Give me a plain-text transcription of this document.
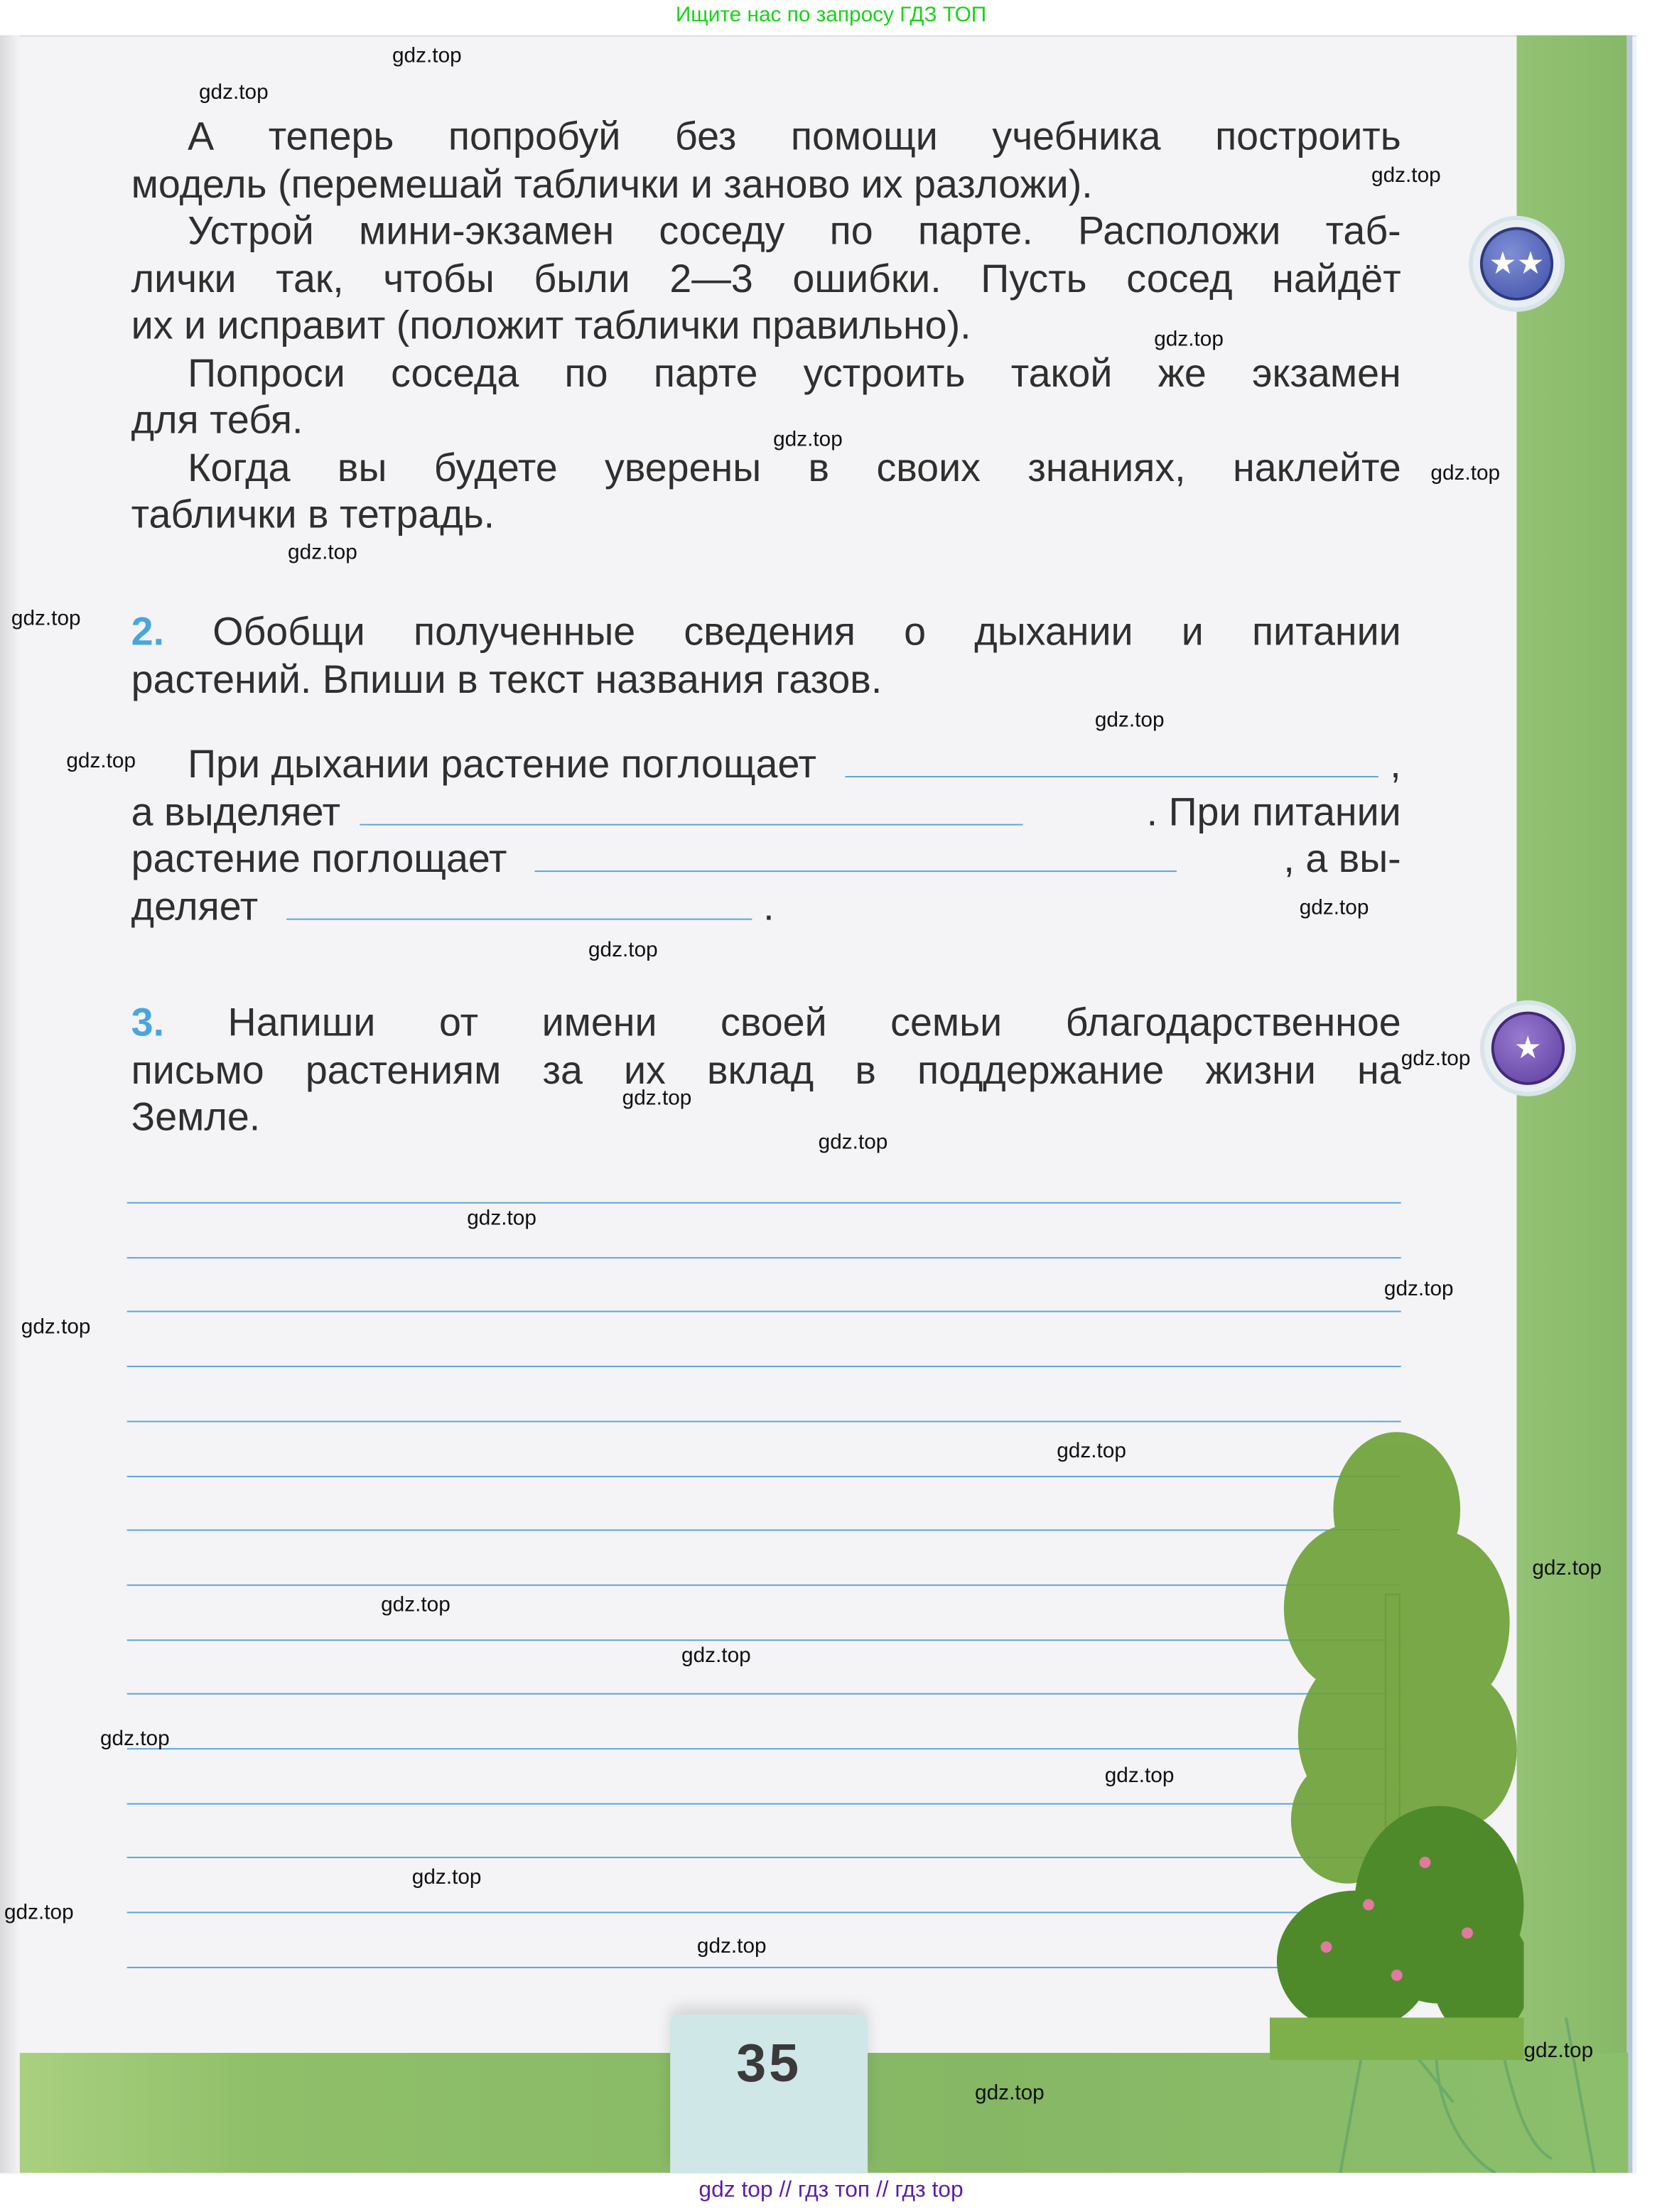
Ищите нас по запросу ГДЗ ТОП
35
★★
★
А теперь попробуй без помощи учебника построить
модель (перемешай таблички и заново их разложи).
Устрой мини-экзамен соседу по парте. Расположи таб-
лички так, чтобы были 2—3 ошибки. Пусть сосед найдёт
их и исправит (положит таблички правильно).
Попроси соседа по парте устроить такой же экзамен
для тебя.
Когда вы будете уверены в своих знаниях, наклейте
таблички в тетрадь.
2. Обобщи полученные сведения о дыхании и питании
растений. Впиши в текст названия газов.
При дыхании растение поглощает	,
а выделяет	. При питании
растение поглощает	, а вы-
деляет	.
3.	Напиши от имени своей семьи благодарственное
письмо растениям за их вклад в поддержание жизни на
Земле.
gdz.top
gdz.top
gdz.top
gdz.top
gdz.top
gdz.top
gdz.top
gdz.top
gdz.top
gdz.top
gdz.top
gdz.top
gdz.top
gdz.top
gdz.top
gdz.top
gdz.top
gdz.top
gdz.top
gdz.top
gdz.top
gdz.top
gdz.top
gdz.top
gdz.top
gdz.top
gdz.top
gdz.top
gdz.top
gdz top // гдз топ // гдз top
